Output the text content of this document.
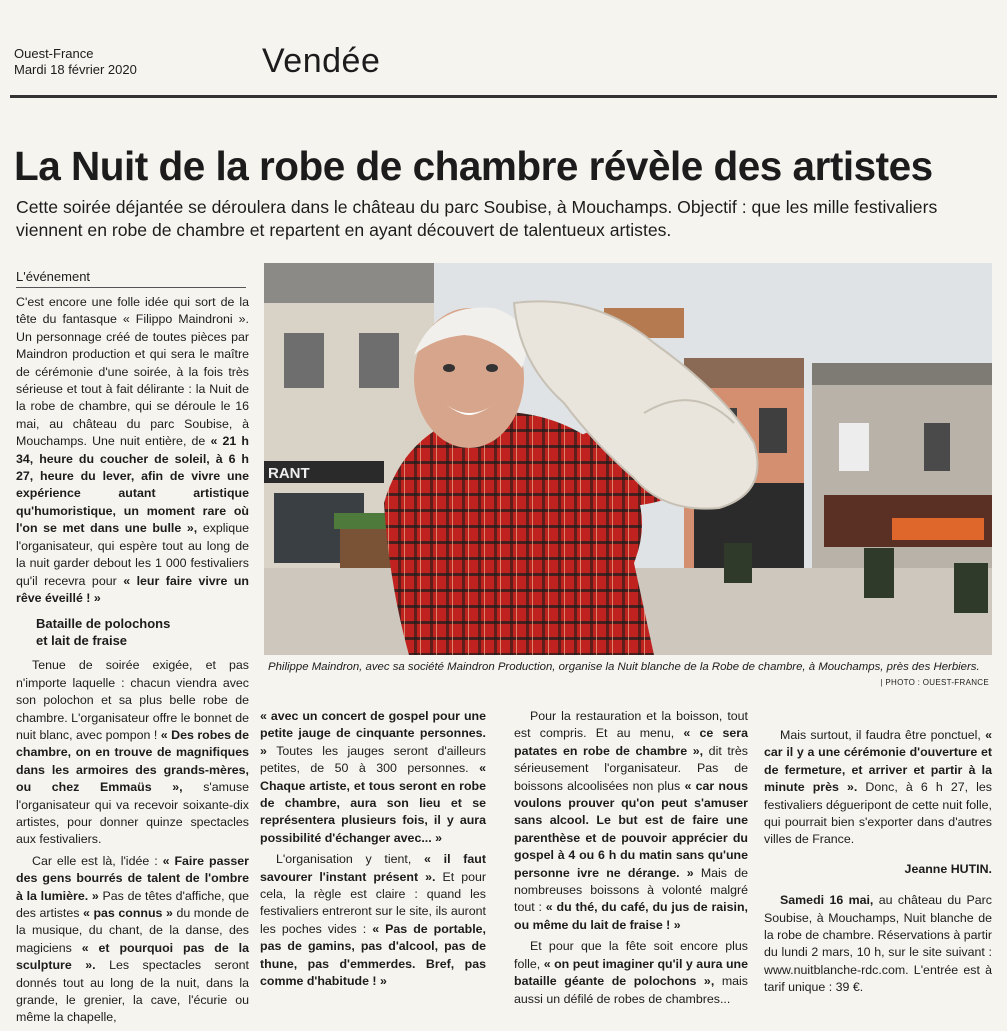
Ouest-France
Mardi 18 février 2020	Vendée
La Nuit de la robe de chambre révèle des artistes
Cette soirée déjantée se déroulera dans le château du parc Soubise, à Mouchamps. Objectif : que les mille festivaliers viennent en robe de chambre et repartent en ayant découvert de talentueux artistes.
L'événement

C'est encore une folle idée qui sort de la tête du fantasque « Filippo Maindroni ». Un personnage créé de toutes pièces par Maindron production et qui sera le maître de cérémonie d'une soirée, à la fois très sérieuse et tout à fait délirante : la Nuit de la robe de chambre, qui se déroule le 16 mai, au château du parc Soubise, à Mouchamps. Une nuit entière, de « 21 h 34, heure du coucher de soleil, à 6 h 27, heure du lever, afin de vivre une expérience autant artistique qu'humoristique, un moment rare où l'on se met dans une bulle », explique l'organisateur, qui espère tout au long de la nuit garder debout les 1 000 festivaliers qu'il recevra pour « leur faire vivre un rêve éveillé ! »

Bataille de polochons
et lait de fraise

Tenue de soirée exigée, et pas n'importe laquelle : chacun viendra avec son polochon et sa plus belle robe de chambre. L'organisateur offre le bonnet de nuit blanc, avec pompon ! « Des robes de chambre, on en trouve de magnifiques dans les armoires des grands-mères, ou chez Emmaüs », s'amuse l'organisateur qui va recevoir soixante-dix artistes, pour donner quinze spectacles aux festivaliers.

Car elle est là, l'idée : « Faire passer des gens bourrés de talent de l'ombre à la lumière. » Pas de têtes d'affiche, que des artistes « pas connus » du monde de la musique, du chant, de la danse, des magiciens « et pourquoi pas de la sculpture ». Les spectacles seront donnés tout au long de la nuit, dans la grande, le grenier, la cave, l'écurie ou même la chapelle,

RANT
Philippe Maindron, avec sa société Maindron Production, organise la Nuit blanche de la Robe de chambre, à Mouchamps, près des Herbiers.
| PHOTO : OUEST-FRANCE

« avec un concert de gospel pour une petite jauge de cinquante personnes. » Toutes les jauges seront d'ailleurs petites, de 50 à 300 personnes. « Chaque artiste, et tous seront en robe de chambre, aura son lieu et se représentera plusieurs fois, il y aura possibilité d'échanger avec... »

L'organisation y tient, « il faut savourer l'instant présent ». Et pour cela, la règle est claire : quand les festivaliers entreront sur le site, ils auront les poches vides : « Pas de portable, pas de gamins, pas d'alcool, pas de thune, pas d'emmerdes. Bref, pas comme d'habitude ! »

Pour la restauration et la boisson, tout est compris. Et au menu, « ce sera patates en robe de chambre », dit très sérieusement l'organisateur. Pas de boissons alcoolisées non plus « car nous voulons prouver qu'on peut s'amuser sans alcool. Le but est de faire une parenthèse et de pouvoir apprécier du gospel à 4 ou 6 h du matin sans qu'une personne ivre ne dérange. » Mais de nombreuses boissons à volonté malgré tout : « du thé, du café, du jus de raisin, ou même du lait de fraise ! »

Et pour que la fête soit encore plus folle, « on peut imaginer qu'il y aura une bataille géante de polochons », mais aussi un défilé de robes de chambres...

Mais surtout, il faudra être ponctuel, « car il y a une cérémonie d'ouverture et de fermeture, et arriver et partir à la minute près ». Donc, à 6 h 27, les festivaliers dégueripont de cette nuit folle, qui pourrait bien s'exporter dans d'autres villes de France.

Jeanne HUTIN.

Samedi 16 mai, au château du Parc Soubise, à Mouchamps, Nuit blanche de la robe de chambre. Réservations à partir du lundi 2 mars, 10 h, sur le site suivant : www.nuitblanche-rdc.com. L'entrée est à tarif unique : 39 €.
